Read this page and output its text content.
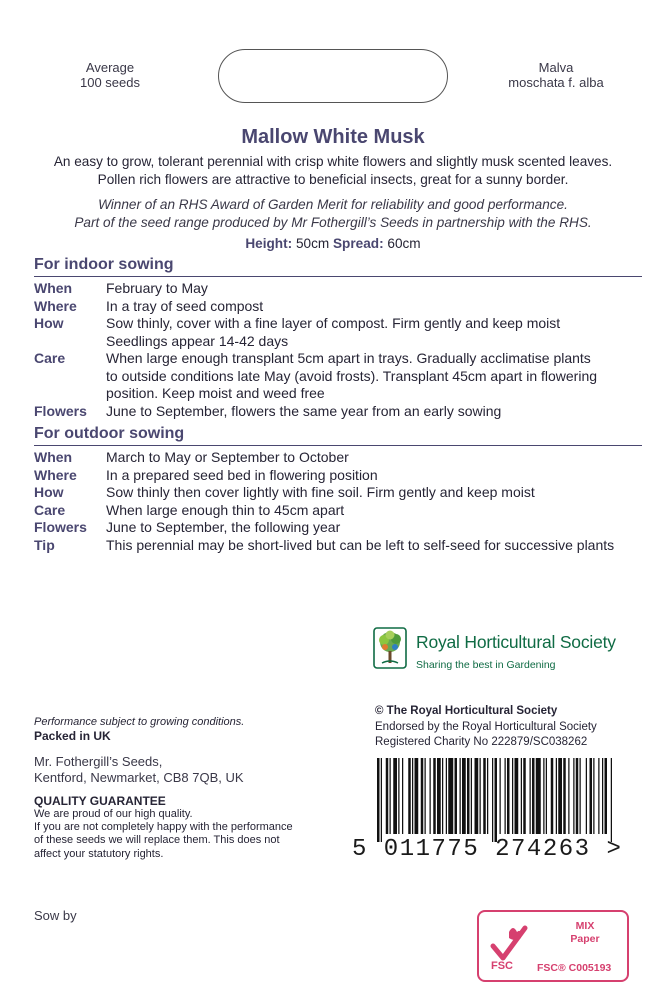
Average
100 seeds
Malva
moschata f. alba
Mallow White Musk
An easy to grow, tolerant perennial with crisp white flowers and slightly musk scented leaves.
Pollen rich flowers are attractive to beneficial insects, great for a sunny border.
Winner of an RHS Award of Garden Merit for reliability and good performance.
Part of the seed range produced by Mr Fothergill’s Seeds in partnership with the RHS.
Height: 50cm Spread: 60cm
For indoor sowing
When February to May
Where In a tray of seed compost
How	Sow thinly, cover with a fine layer of compost. Firm gently and keep moist
Seedlings appear 14-42 days
Care	When large enough transplant 5cm apart in trays. Gradually acclimatise plants
to outside conditions late May (avoid frosts). Transplant 45cm apart in flowering
position. Keep moist and weed free
Flowers June to September, flowers the same year from an early sowing
For outdoor sowing
When March to May or September to October
Where In a prepared seed bed in flowering position
How	Sow thinly then cover lightly with fine soil. Firm gently and keep moist
Care	When large enough thin to 45cm apart
Flowers June to September, the following year
Tip	This perennial may be short-lived but can be left to self-seed for successive plants
Royal Horticultural Society
Sharing the best in Gardening
© The Royal Horticultural Society
Endorsed by the Royal Horticultural Society
Registered Charity No 222879/SC038262
Performance subject to growing conditions.
Packed in UK
Mr. Fothergill’s Seeds,
Kentford, Newmarket, CB8 7QB, UK
QUALITY GUARANTEE
We are proud of our high quality.
If you are not completely happy with the performance
of these seeds we will replace them. This does not
affect your statutory rights.	5 011775 274263 >
Sow by
FSC
MIX
Paper
FSC® C005193
